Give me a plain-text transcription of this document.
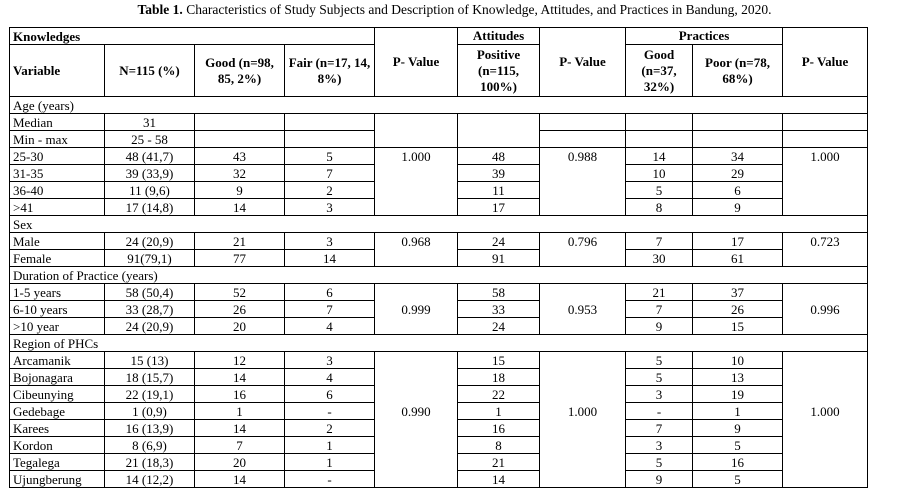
Table 1. Characteristics of Study Subjects and Description of Knowledge, Attitudes, and Practices in Bandung, 2020.
Knowledges				P- Value	Attitudes	P- Value	Practices		P- Value
Variable	N=115 (%)	Good (n=98, 85, 2%)	Fair (n=17, 14, 8%)		Positive (n=115, 100%)		Good (n=37, 32%)	Poor (n=78, 68%)	
Age (years)									
Median	31								
Min - max	25 - 58								
25-30	48 (41,7)	43	5	1.000	48	0.988	14	34	1.000
31-35	39 (33,9)	32	7		39		10	29	
36-40	11 (9,6)	9	2		11		5	6	
>41	17 (14,8)	14	3		17		8	9	
Sex									
Male	24 (20,9)	21	3	0.968	24	0.796	7	17	0.723
Female	91(79,1)	77	14		91		30	61	
Duration of Practice (years)									
1-5 years	58 (50,4)	52	6		58		21	37	
6-10 years	33 (28,7)	26	7	0.999	33	0.953	7	26	0.996
>10 year	24 (20,9)	20	4		24		9	15	
Region of PHCs									
Arcamanik	15 (13)	12	3		15		5	10	
Bojonagara	18 (15,7)	14	4		18		5	13	
Cibeunying	22 (19,1)	16	6		22		3	19	
Gedebage	1 (0,9)	1	-	0.990	1	1.000	-	1	1.000
Karees	16 (13,9)	14	2		16		7	9	
Kordon	8 (6,9)	7	1		8		3	5	
Tegalega	21 (18,3)	20	1		21		5	16	
Ujungberung	14 (12,2)	14	-		14		9	5	
